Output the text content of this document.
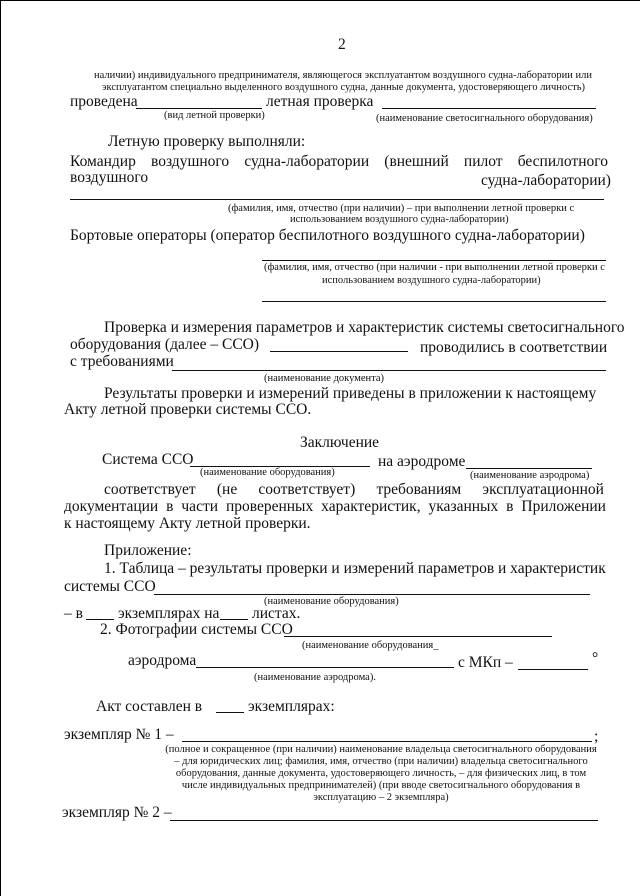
2
наличии) индивидуального предпринимателя, являющегося эксплуатантом воздушного судна-лаборатории или
эксплуатантом специально выделенного воздушного судна, данные документа, удостоверяющего личность)
проведена	летная проверка
(вид летной проверки)	(наименование светосигнального оборудования)
Летную проверку выполняли:
Командир воздушного судна-лаборатории (внешний пилот беспилотного
воздушного	судна-лаборатории)
(фамилия, имя, отчество (при наличии) – при выполнении летной проверки с
использованием воздушного судна-лаборатории)
Бортовые операторы (оператор беспилотного воздушного судна-лаборатории)
(фамилия, имя, отчество (при наличии - при выполнении летной проверки с
использованием воздушного судна-лаборатории)
Проверка и измерения параметров и характеристик системы светосигнального
оборудования (далее – ССО)	проводились в соответствии
с требованиями
(наименование документа)
Результаты проверки и измерений приведены в приложении к настоящему
Акту летной проверки системы ССО.
Заключение
Система ССО	на аэродроме
(наименование оборудования)	(наименование аэродрома)
соответствует (не соответствует) требованиям эксплуатационной
документации в части проверенных характеристик, указанных в Приложении
к настоящему Акту летной проверки.
Приложение:
1. Таблица – результаты проверки и измерений параметров и характеристик
системы ССО
(наименование оборудования)
– в экземплярах на листах.
2. Фотографии системы ССО
(наименование оборудования_
аэродрома	с МКп –	°
(наименование аэродрома).
Акт составлен в	экземплярах:
экземпляр № 1 –	;
(полное и сокращенное (при наличии) наименование владельца светосигнального оборудования
– для юридических лиц; фамилия, имя, отчество (при наличии) владельца светосигнального
оборудования, данные документа, удостоверяющего личность, – для физических лиц, в том
числе индивидуальных предпринимателей) (при вводе светосигнального оборудования в
эксплуатацию – 2 экземпляра)
экземпляр № 2 –
